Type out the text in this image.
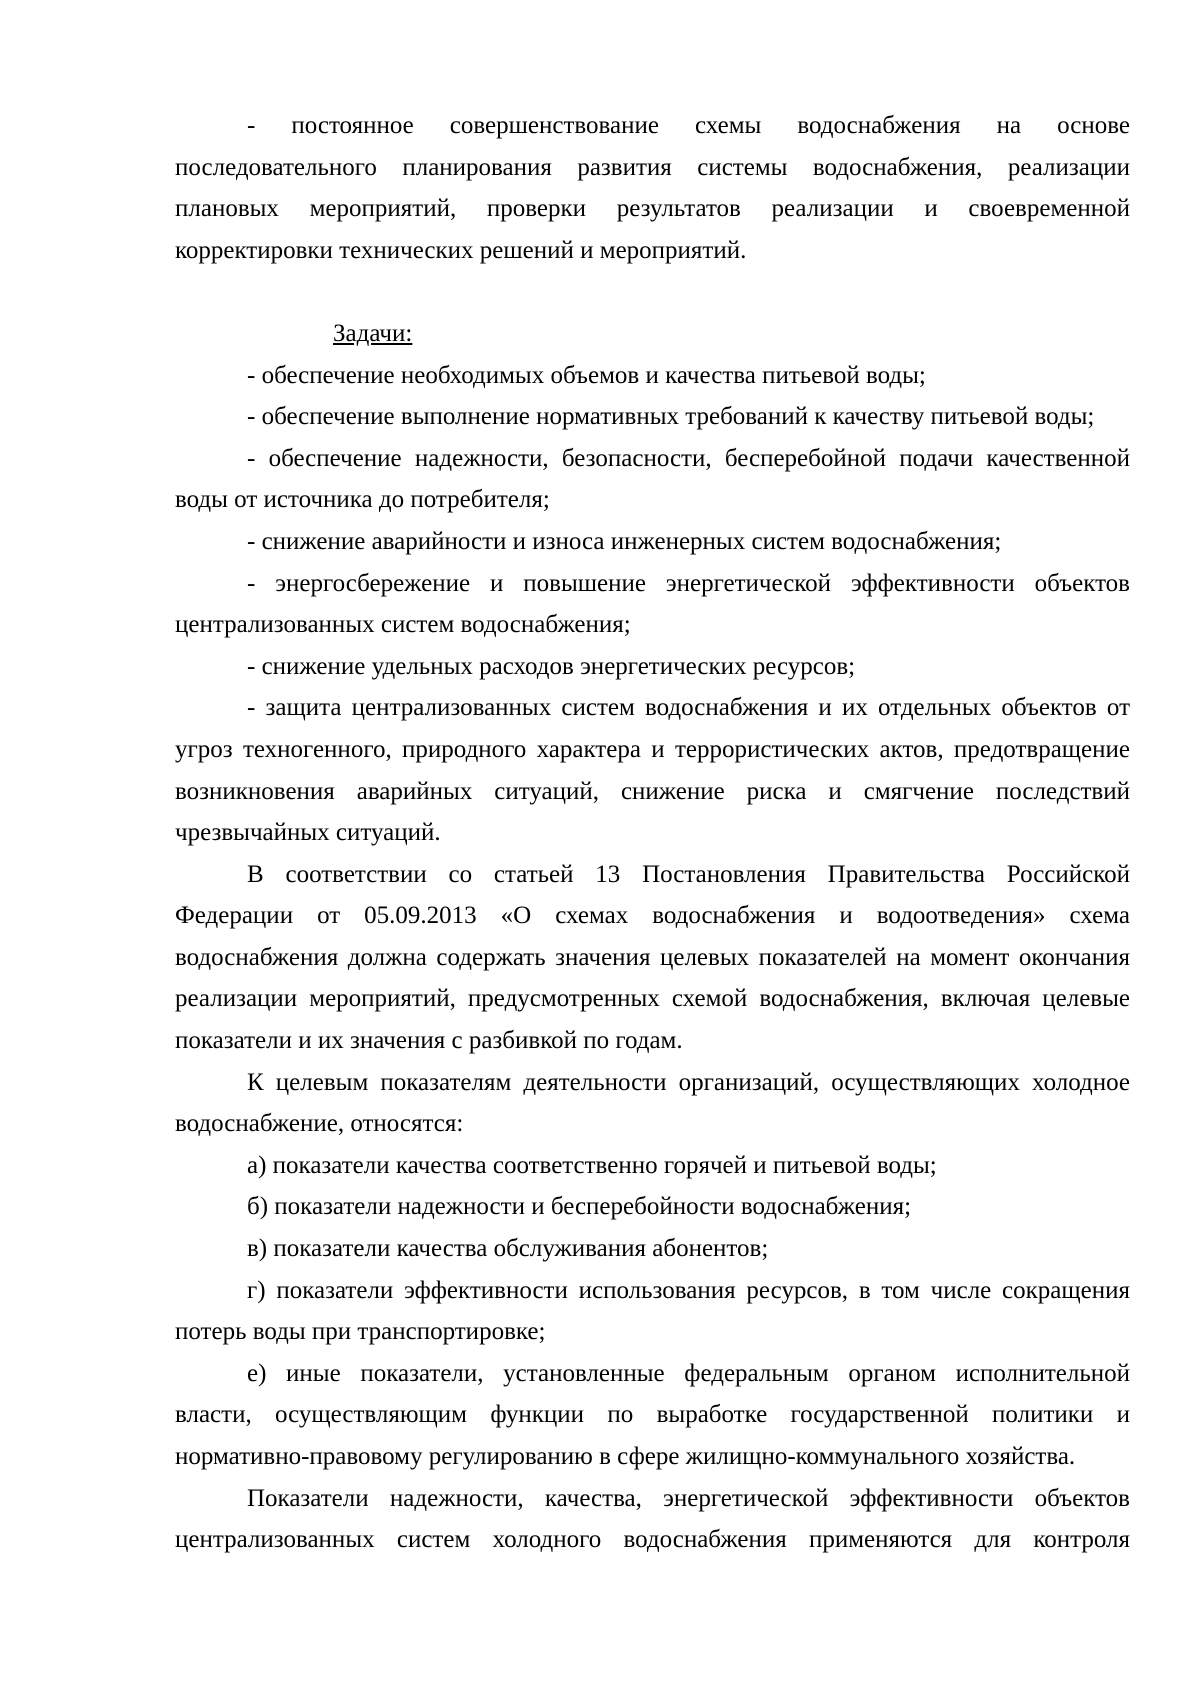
- постоянное совершенствование схемы водоснабжения на основе последовательного планирования развития системы водоснабжения, реализации плановых мероприятий, проверки результатов реализации и своевременной корректировки технических решений и мероприятий.

Задачи:

- обеспечение необходимых объемов и качества питьевой воды;

- обеспечение выполнение нормативных требований к качеству питьевой воды;

- обеспечение надежности, безопасности, бесперебойной подачи качественной воды от источника до потребителя;

- снижение аварийности и износа инженерных систем водоснабжения;

- энергосбережение и повышение энергетической эффективности объектов централизованных систем водоснабжения;

- снижение удельных расходов энергетических ресурсов;

- защита централизованных систем водоснабжения и их отдельных объектов от угроз техногенного, природного характера и террористических актов, предотвращение возникновения аварийных ситуаций, снижение риска и смягчение последствий чрезвычайных ситуаций.

В соответствии со статьей 13 Постановления Правительства Российской Федерации от 05.09.2013 «О схемах водоснабжения и водоотведения» схема водоснабжения должна содержать значения целевых показателей на момент окончания реализации мероприятий, предусмотренных схемой водоснабжения, включая целевые показатели и их значения с разбивкой по годам.

К целевым показателям деятельности организаций, осуществляющих холодное водоснабжение, относятся:

а) показатели качества соответственно горячей и питьевой воды;

б) показатели надежности и бесперебойности водоснабжения;

в) показатели качества обслуживания абонентов;

г) показатели эффективности использования ресурсов, в том числе сокращения потерь воды при транспортировке;

е) иные показатели, установленные федеральным органом исполнительной власти, осуществляющим функции по выработке государственной политики и нормативно-правовому регулированию в сфере жилищно-коммунального хозяйства.

Показатели надежности, качества, энергетической эффективности объектов централизованных систем холодного водоснабжения применяются для контроля
